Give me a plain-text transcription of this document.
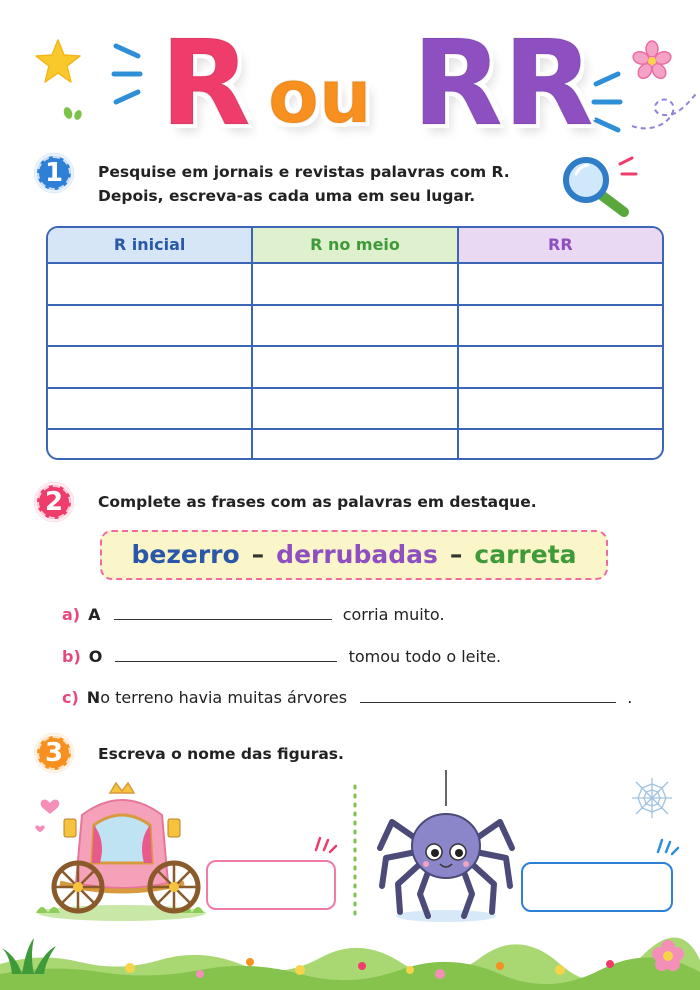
R ou RR
1	Pesquise em jornais e revistas palavras com R.
Depois, escreva-as cada uma em seu lugar.
R inicial	R no meio	RR
2	Complete as frases com as palavras em destaque.
bezerro – derrubadas – carreta
a) A	corria muito.
b) O	tomou todo o leite.
c) No terreno havia muitas árvores	.
3	Escreva o nome das figuras.
